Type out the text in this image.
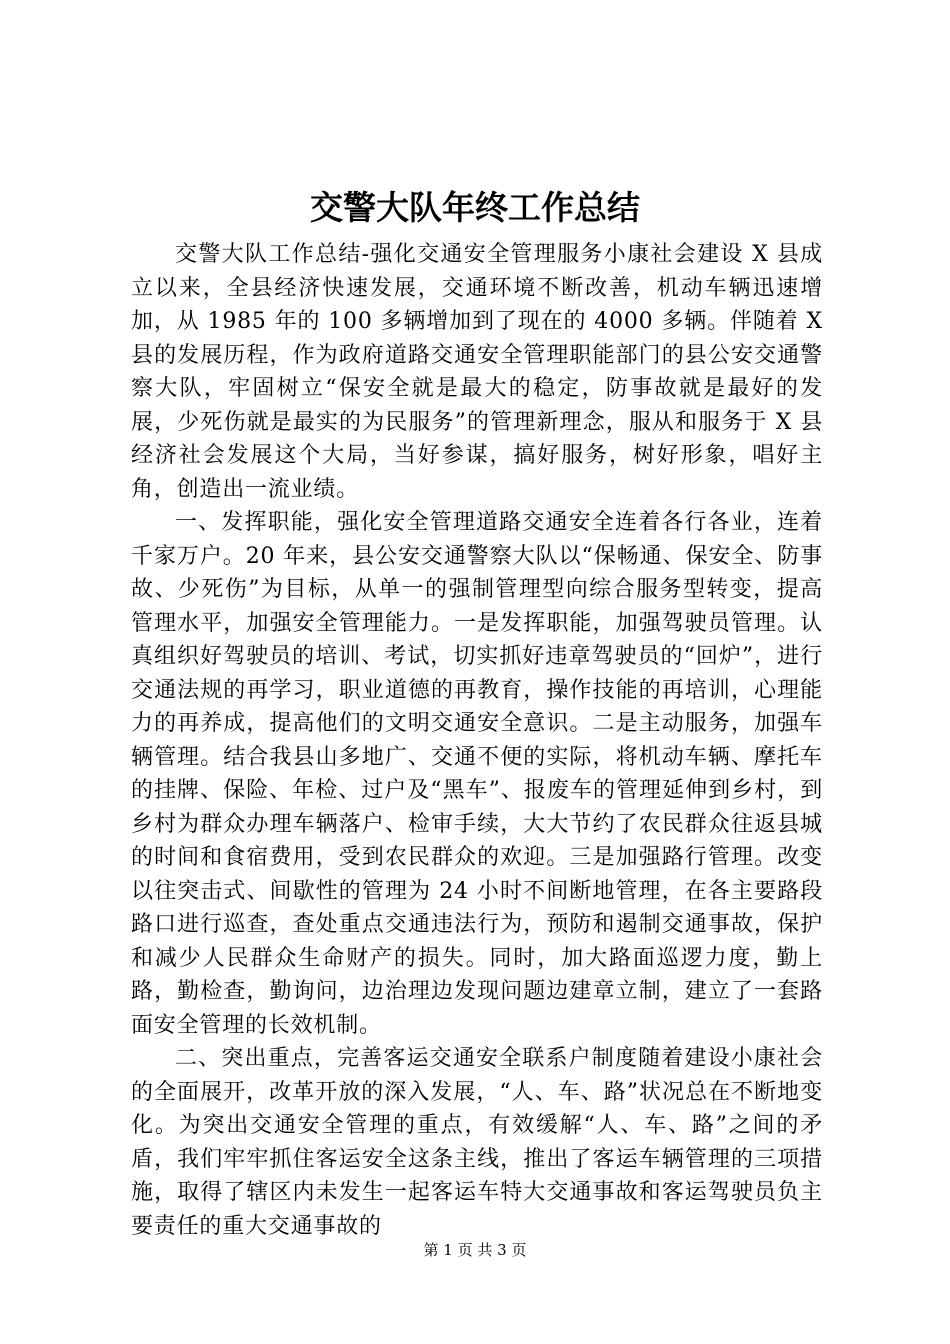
交警大队年终工作总结

交警大队工作总结-强化交通安全管理服务小康社会建设 X 县成立以来，全县经济快速发展，交通环境不断改善，机动车辆迅速增加，从 1985 年的 100 多辆增加到了现在的 4000 多辆。伴随着 X 县的发展历程，作为政府道路交通安全管理职能部门的县公安交通警察大队，牢固树立“保安全就是最大的稳定，防事故就是最好的发展，少死伤就是最实的为民服务”的管理新理念，服从和服务于 X 县经济社会发展这个大局，当好参谋，搞好服务，树好形象，唱好主角，创造出一流业绩。

一、发挥职能，强化安全管理道路交通安全连着各行各业，连着千家万户。20 年来，县公安交通警察大队以“保畅通、保安全、防事故、少死伤”为目标，从单一的强制管理型向综合服务型转变，提高管理水平，加强安全管理能力。一是发挥职能，加强驾驶员管理。认真组织好驾驶员的培训、考试，切实抓好违章驾驶员的“回炉”，进行交通法规的再学习，职业道德的再教育，操作技能的再培训，心理能力的再养成，提高他们的文明交通安全意识。二是主动服务，加强车辆管理。结合我县山多地广、交通不便的实际，将机动车辆、摩托车的挂牌、保险、年检、过户及“黑车”、报废车的管理延伸到乡村，到乡村为群众办理车辆落户、检审手续，大大节约了农民群众往返县城的时间和食宿费用，受到农民群众的欢迎。三是加强路行管理。改变以往突击式、间歇性的管理为 24 小时不间断地管理，在各主要路段路口进行巡查，查处重点交通违法行为，预防和遏制交通事故，保护和减少人民群众生命财产的损失。同时，加大路面巡逻力度，勤上路，勤检查，勤询问，边治理边发现问题边建章立制，建立了一套路面安全管理的长效机制。

二、突出重点，完善客运交通安全联系户制度随着建设小康社会的全面展开，改革开放的深入发展，“人、车、路”状况总在不断地变化。为突出交通安全管理的重点，有效缓解“人、车、路”之间的矛盾，我们牢牢抓住客运安全这条主线，推出了客运车辆管理的三项措施，取得了辖区内未发生一起客运车特大交通事故和客运驾驶员负主要责任的重大交通事故的

第 1 页 共 3 页
